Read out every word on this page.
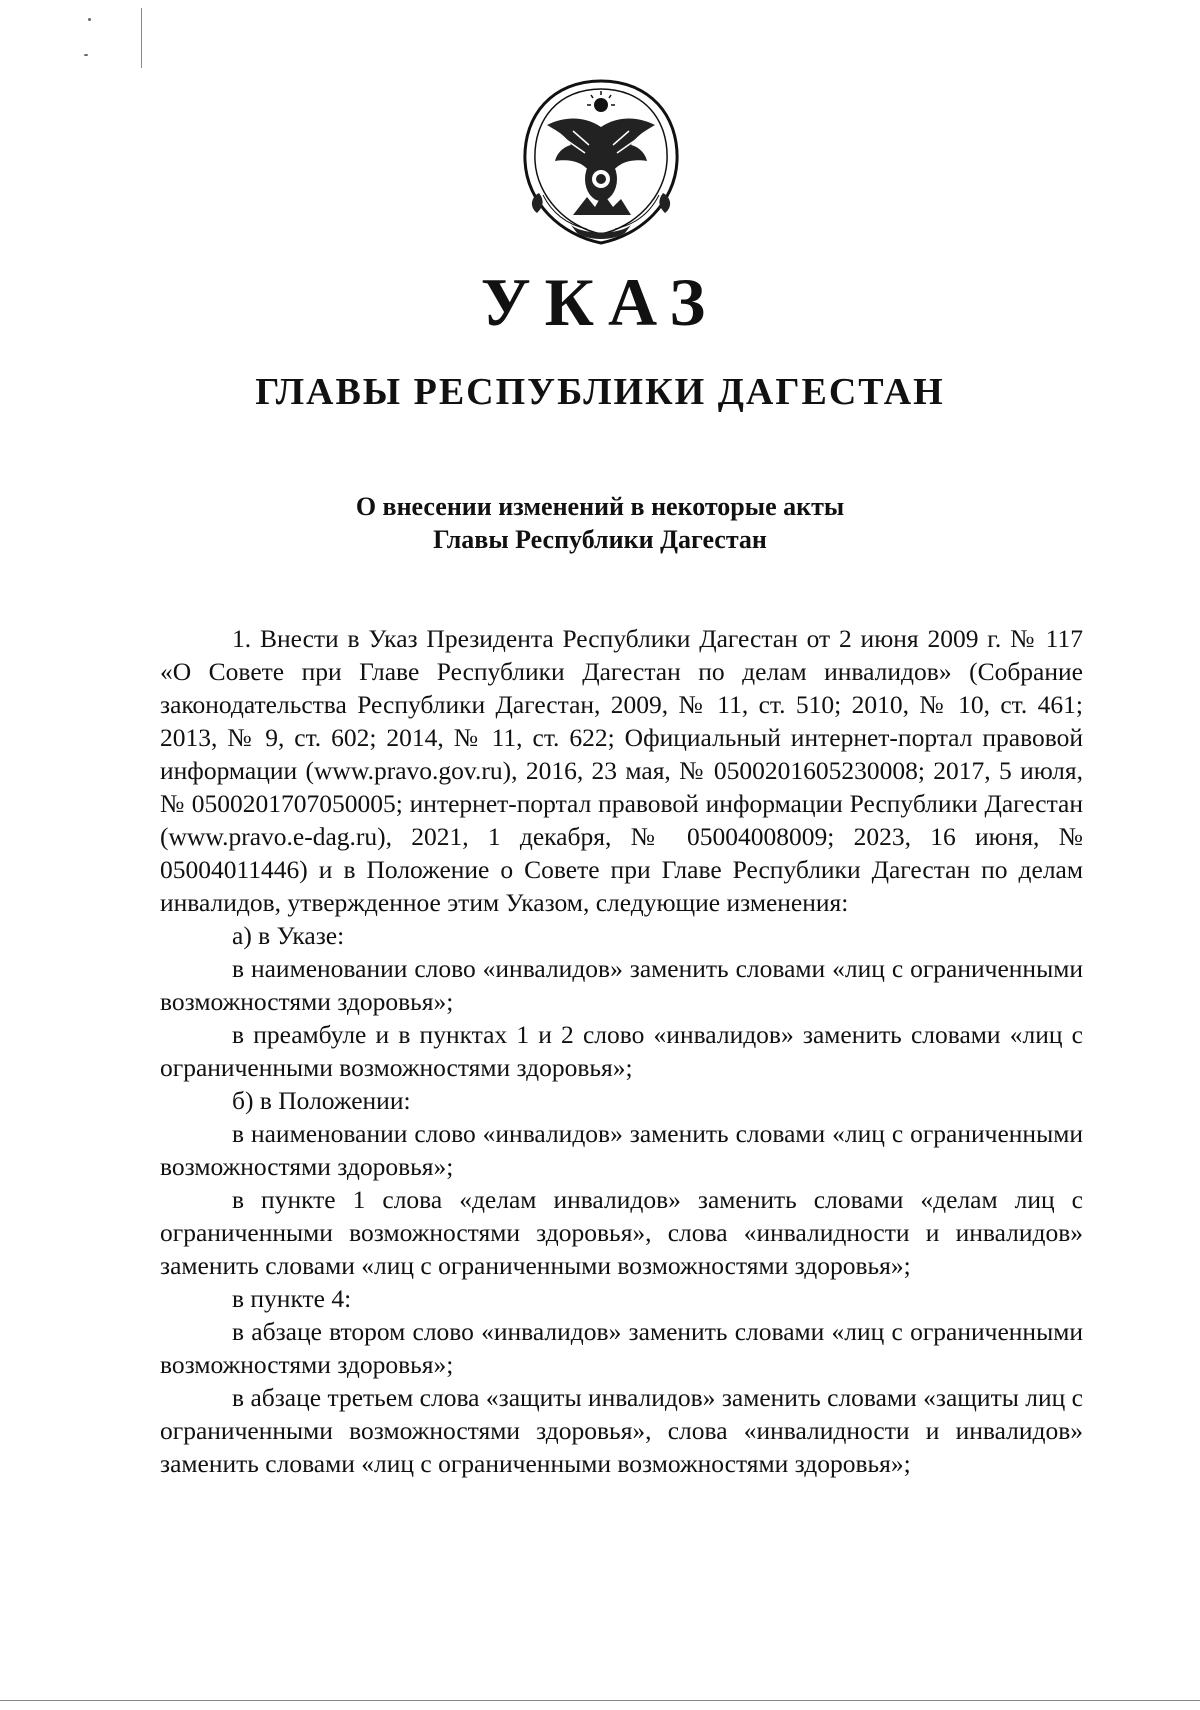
УКАЗ
ГЛАВЫ РЕСПУБЛИКИ ДАГЕСТАН
О внесении изменений в некоторые акты
Главы Республики Дагестан

1. Внести в Указ Президента Республики Дагестан от 2 июня 2009 г. № 117 «О Совете при Главе Республики Дагестан по делам инвалидов» (Собрание законодательства Республики Дагестан, 2009, № 11, ст. 510; 2010, № 10, ст. 461; 2013, № 9, ст. 602; 2014, № 11, ст. 622; Официальный интернет-портал правовой информации (www.pravo.gov.ru), 2016, 23 мая, № 0500201605230008; 2017, 5 июля, № 0500201707050005; интернет-портал правовой информации Республики Дагестан (www.pravo.e-dag.ru), 2021, 1 декабря, № 05004008009; 2023, 16 июня, № 05004011446) и в Положение о Совете при Главе Республики Дагестан по делам инвалидов, утвержденное этим Указом, следующие изменения:

а) в Указе:

в наименовании слово «инвалидов» заменить словами «лиц с ограниченными возможностями здоровья»;

в преамбуле и в пунктах 1 и 2 слово «инвалидов» заменить словами «лиц с ограниченными возможностями здоровья»;

б) в Положении:

в наименовании слово «инвалидов» заменить словами «лиц с ограниченными возможностями здоровья»;

в пункте 1 слова «делам инвалидов» заменить словами «делам лиц с ограниченными возможностями здоровья», слова «инвалидности и инвалидов» заменить словами «лиц с ограниченными возможностями здоровья»;

в пункте 4:

в абзаце втором слово «инвалидов» заменить словами «лиц с ограниченными возможностями здоровья»;

в абзаце третьем слова «защиты инвалидов» заменить словами «защиты лиц с ограниченными возможностями здоровья», слова «инвалидности и инвалидов» заменить словами «лиц с ограниченными возможностями здоровья»;
